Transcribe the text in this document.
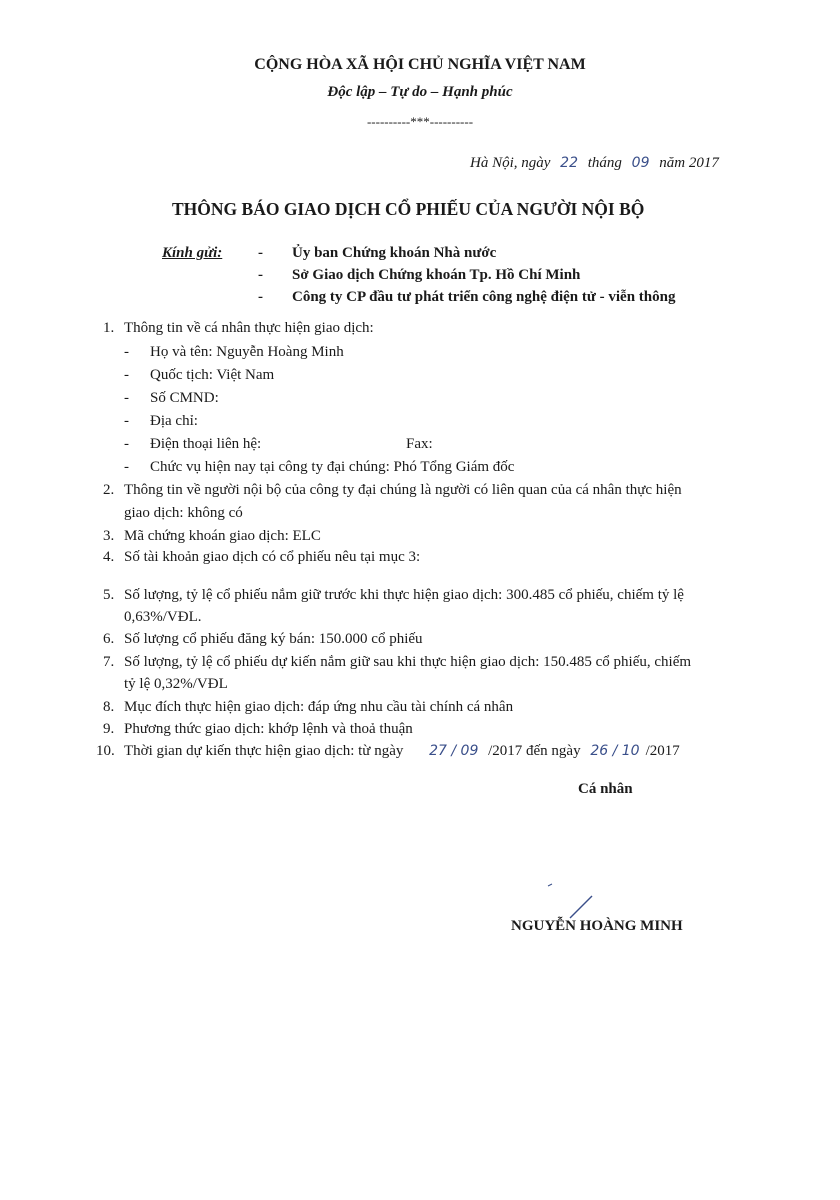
CỘNG HÒA XÃ HỘI CHỦ NGHĨA VIỆT NAM
Độc lập – Tự do – Hạnh phúc
----------***----------
Hà Nội, ngày 22 tháng 09 năm 2017
THÔNG BÁO GIAO DỊCH CỔ PHIẾU CỦA NGƯỜI NỘI BỘ
Kính gửi: - Ủy ban Chứng khoán Nhà nước
- Sở Giao dịch Chứng khoán Tp. Hồ Chí Minh
- Công ty CP đầu tư phát triển công nghệ điện tử - viễn thông
1. Thông tin về cá nhân thực hiện giao dịch:
- Họ và tên: Nguyễn Hoàng Minh
- Quốc tịch: Việt Nam
- Số CMND:
- Địa chỉ:
- Điện thoại liên hệ:	Fax:
- Chức vụ hiện nay tại công ty đại chúng: Phó Tổng Giám đốc
2. Thông tin về người nội bộ của công ty đại chúng là người có liên quan của cá nhân thực hiện
giao dịch: không có
3. Mã chứng khoán giao dịch: ELC
4. Số tài khoản giao dịch có cổ phiếu nêu tại mục 3:
5. Số lượng, tỷ lệ cổ phiếu nắm giữ trước khi thực hiện giao dịch: 300.485 cổ phiếu, chiếm tỷ lệ
0,63%/VĐL.
6. Số lượng cổ phiếu đăng ký bán: 150.000 cổ phiếu
7. Số lượng, tỷ lệ cổ phiếu dự kiến nắm giữ sau khi thực hiện giao dịch: 150.485 cổ phiếu, chiếm
tỷ lệ 0,32%/VĐL
8. Mục đích thực hiện giao dịch: đáp ứng nhu cầu tài chính cá nhân
9. Phương thức giao dịch: khớp lệnh và thoả thuận
10. Thời gian dự kiến thực hiện giao dịch: từ ngày 27 / 09 /2017 đến ngày 26 / 10 /2017
Cá nhân
NGUYỄN HOÀNG MINH
